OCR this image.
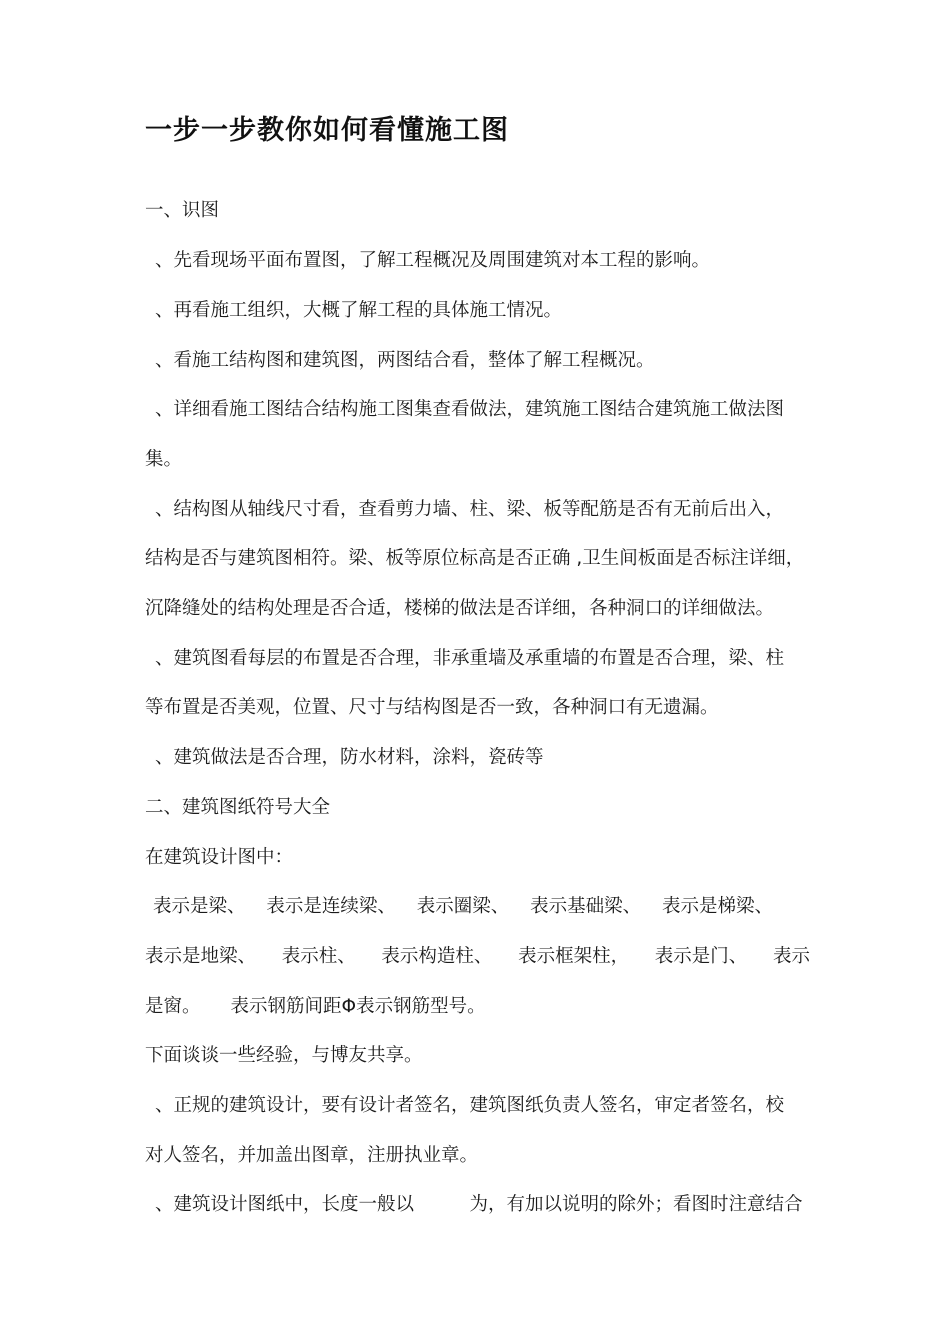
一步一步教你如何看懂施工图
一、识图
、先看现场平面布置图，了解工程概况及周围建筑对本工程的影响。
、再看施工组织，大概了解工程的具体施工情况。
、看施工结构图和建筑图，两图结合看，整体了解工程概况。
、详细看施工图结合结构施工图集查看做法，建筑施工图结合建筑施工做法图
集。
、结构图从轴线尺寸看，查看剪力墙、柱、梁、板等配筋是否有无前后出入，
结构是否与建筑图相符。梁、板等原位标高是否正确 ,卫生间板面是否标注详细，
沉降缝处的结构处理是否合适，楼梯的做法是否详细，各种洞口的详细做法。
、建筑图看每层的布置是否合理，非承重墙及承重墙的布置是否合理，梁、柱
等布置是否美观，位置、尺寸与结构图是否一致，各种洞口有无遗漏。
、建筑做法是否合理，防水材料，涂料，瓷砖等
二、建筑图纸符号大全
在建筑设计图中：
表示是梁、 表示是连续梁、 表示圈梁、 表示基础梁、 表示是梯梁、
表示是地梁、 表示柱、 表示构造柱、 表示框架柱， 表示是门、 表示
是窗。 表示钢筋间距Φ表示钢筋型号。
下面谈谈一些经验，与博友共享。
、正规的建筑设计，要有设计者签名，建筑图纸负责人签名，审定者签名，校
对人签名，并加盖出图章，注册执业章。
、建筑设计图纸中，长度一般以　　　为，有加以说明的除外；看图时注意结合
